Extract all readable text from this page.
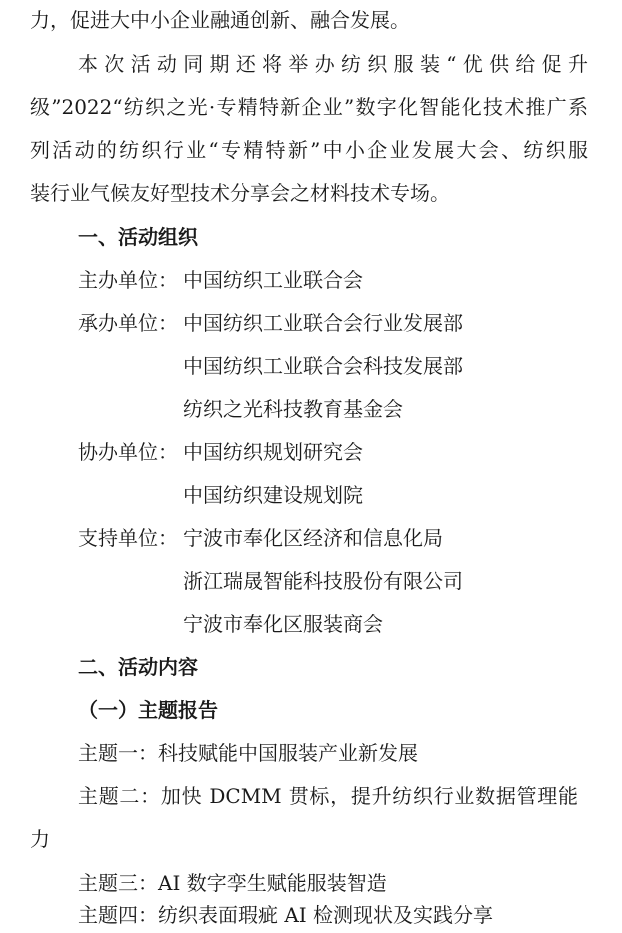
力，促进大中小企业融通创新、融合发展。
本次活动同期还将举办纺织服装“优供给促升
级”2022“纺织之光·专精特新企业”数字化智能化技术推广系
列活动的纺织行业“专精特新”中小企业发展大会、纺织服
装行业气候友好型技术分享会之材料技术专场。
一、活动组织
主办单位： 中国纺织工业联合会
承办单位： 中国纺织工业联合会行业发展部
中国纺织工业联合会科技发展部
纺织之光科技教育基金会
协办单位： 中国纺织规划研究会
中国纺织建设规划院
支持单位： 宁波市奉化区经济和信息化局
浙江瑞晟智能科技股份有限公司
宁波市奉化区服装商会
二、活动内容
（一）主题报告
主题一：科技赋能中国服装产业新发展
主题二：加快 DCMM 贯标，提升纺织行业数据管理能
力
主题三：AI 数字孪生赋能服装智造
主题四：纺织表面瑕疵 AI 检测现状及实践分享
